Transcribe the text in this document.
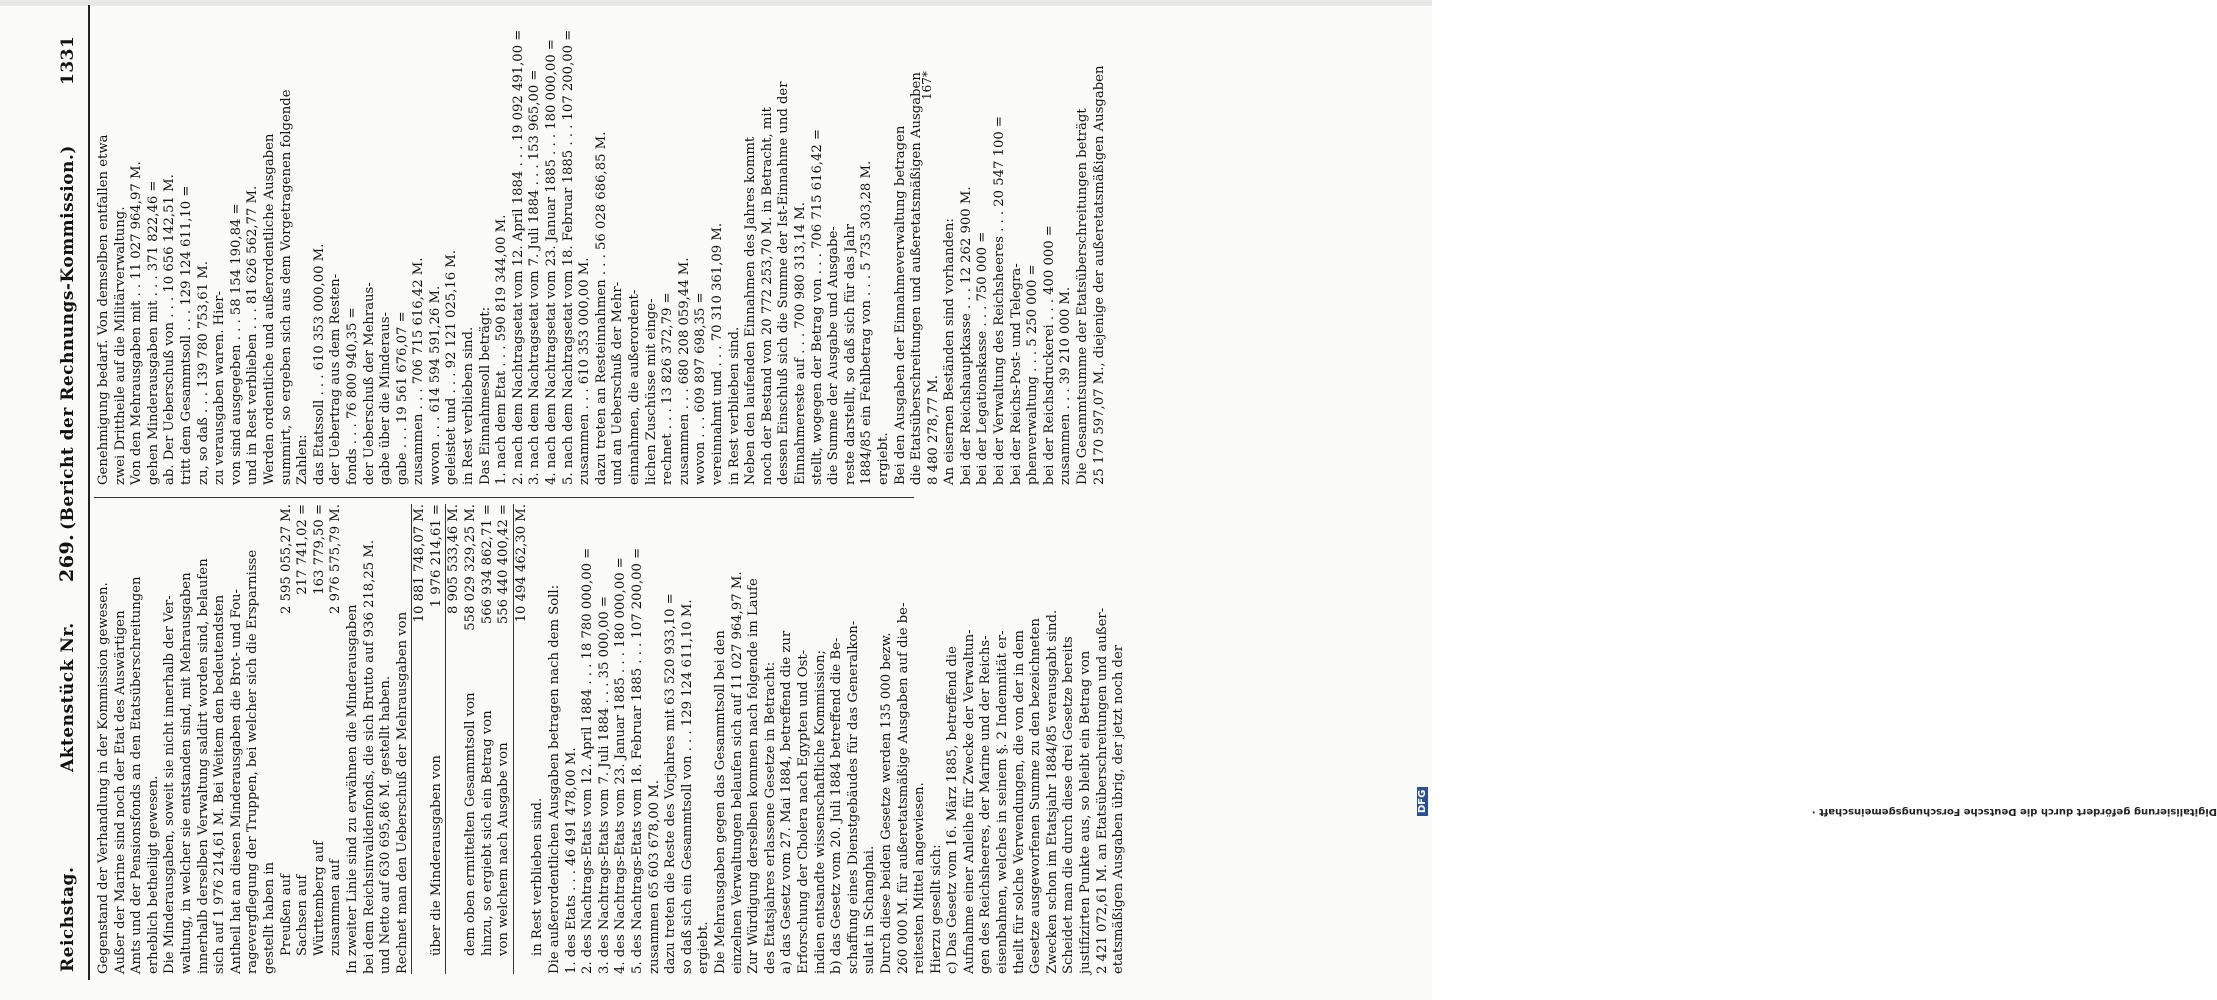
Reichstag.
Aktenstück Nr.
269.
(Bericht der Rechnungs-Kommission.)
1331
Gegenstand der Verhandlung in der Kommission gewesen. Außer der Marine sind noch der Etat des Auswärtigen Amts und der Pensionsfonds an den Etatsüberschreitungen erheblich betheiligt gewesen. Die Minderausgaben, soweit sie nicht innerhalb der Ver- waltung, in welcher sie entstanden sind, mit Mehrausgaben innerhalb derselben Verwaltung saldirt worden sind, belaufen sich auf 1 976 214,61 M. Bei Weitem den bedeutendsten Antheil hat an diesen Minderausgaben die Brot- und Fou- ragevergflegung der Truppen, bei welcher sich die Ersparnisse gestellt haben in Preußen auf
2 595 055,27 M.
Sachsen auf
217 741,02 =
Württemberg auf
163 779,50 =
zusammen auf
2 976 575,79 M.
In zweiter Linie sind zu erwähnen die Minderausgaben bei dem Reichsinvalidenfonds, die sich Brutto auf 936 218,25 M. und Netto auf 630 695,86 M. gestellt haben. Rechnet man den Ueberschuß der Mehrausgaben von
10 881 748,07 M.
über die Minderausgaben von
1 976 214,61 = 8 905 533,46 M.
dem oben ermittelten Gesammtsoll von
558 029 329,25 M.
hinzu, so ergiebt sich ein Betrag von
566 934 862,71 =
von welchem nach Ausgabe von
556 440 400,42 = 10 494 462,30 M.
in Rest verblieben sind. Die außerordentlichen Ausgaben betragen nach dem Soll: 1. des Etats . . . 46 491 478,00 M. 2. des Nachtrags-Etats vom 12. April 1884 . . . 18 780 000,00 = 3. des Nachtrags-Etats vom 7. Juli 1884 . . . 35 000,00 = 4. des Nachtrags-Etats vom 23. Januar 1885 . . . 180 000,00 = 5. des Nachtrags-Etats vom 18. Februar 1885 . . . 107 200,00 = zusammen 65 603 678,00 M. dazu treten die Reste des Vorjahres mit 63 520 933,10 = so daß sich ein Gesammtsoll von . . . 129 124 611,10 M. ergiebt. Die Mehrausgaben gegen das Gesammtsoll bei den einzelnen Verwaltungen belaufen sich auf 11 027 964,97 M. Zur Würdigung derselben kommen nach folgende im Laufe des Etatsjahres erlassene Gesetze in Betracht: a) das Gesetz vom 27. Mai 1884, betreffend die zur Erforschung der Cholera nach Egypten und Ost- indien entsandte wissenschaftliche Kommission; b) das Gesetz vom 20. Juli 1884 betreffend die Be- schaffung eines Dienstgebäudes für das Generalkon- sulat in Schanghai. Durch diese beiden Gesetze werden 135 000 bezw. 260 000 M. für außeretatsmäßige Ausgaben auf die be- reitesten Mittel angewiesen. Hierzu gesellt sich: c) Das Gesetz vom 16. März 1885, betreffend die Aufnahme einer Anleihe für Zwecke der Verwaltun- gen des Reichsheeres, der Marine und der Reichs- eisenbahnen, welches in seinem §. 2 Indemnität er- theilt für solche Verwendungen, die von der in dem Gesetze ausgeworfenen Summe zu den bezeichneten Zwecken schon im Etatsjahr 1884/85 verausgabt sind. Scheidet man die durch diese drei Gesetze bereits justifizirten Punkte aus, so bleibt ein Betrag von 2 421 072,61 M. an Etatsüberschreitungen und außer- etatsmäßigen Ausgaben übrig, der jetzt noch der
Genehmigung bedarf. Von demselben entfallen etwa zwei Drittheile auf die Militärverwaltung. Von den Mehrausgaben mit . . 11 027 964,97 M. gehen Minderausgaben mit . . . 371 822,46 = ab. Der Ueberschuß von . . . 10 656 142,51 M. tritt dem Gesammtsoll . . . 129 124 611,10 = zu, so daß . . . 139 780 753,61 M. zu verausgaben waren. Hier- von sind ausgegeben . . . 58 154 190,84 = und in Rest verblieben . . . 81 626 562,77 M. Werden ordentliche und außerordentliche Ausgaben summirt, so ergeben sich aus dem Vorgetragenen folgende Zahlen: das Etatssoll . . . 610 353 000,00 M. der Uebertrag aus dem Resten- fonds . . . 76 800 940,35 = der Ueberschuß der Mehraus- gabe über die Minderaus- gabe . . . 19 561 676,07 = zusammen . . . 706 715 616,42 M. wovon . . . 614 594 591,26 M. geleistet und . . . 92 121 025,16 M. in Rest verblieben sind. Das Einnahmesoll beträgt: 1. nach dem Etat . . . 590 819 344,00 M. 2. nach dem Nachtragsetat vom 12. April 1884 . . . 19 092 491,00 = 3. nach dem Nachtragsetat vom 7. Juli 1884 . . . 153 965,00 = 4. nach dem Nachtragsetat vom 23. Januar 1885 . . . 180 000,00 = 5. nach dem Nachtragsetat vom 18. Februar 1885 . . . 107 200,00 = zusammen . . . 610 353 000,00 M. dazu treten an Resteinnahmen . . . 56 028 686,85 M. und an Ueberschuß der Mehr- einnahmen, die außerordent- lichen Zuschüsse mit einge- rechnet . . . 13 826 372,79 = zusammen . . . 680 208 059,44 M. wovon . . . 609 897 698,35 = vereinnahmt und . . . 70 310 361,09 M. in Rest verblieben sind. Neben den laufenden Einnahmen des Jahres kommt noch der Bestand von 20 772 253,70 M. in Betracht, mit dessen Einschluß sich die Summe der Ist-Einnahme und der Einnahmereste auf . . . 700 980 313,14 M. stellt, wogegen der Betrag von . . . 706 715 616,42 = die Summe der Ausgabe und Ausgabe- reste darstellt, so daß sich für das Jahr 1884/85 ein Fehlbetrag von . . . 5 735 303,28 M. ergiebt. Bei den Ausgaben der Einnahmeverwaltung betragen die Etatsüberschreitungen und außeretatsmäßigen Ausgaben 8 480 278,77 M. An eisernen Beständen sind vorhanden: bei der Reichshauptkasse . . . 12 262 900 M. bei der Legationskasse . . . 750 000 = bei der Verwaltung des Reichsheeres . . . 20 547 100 = bei der Reichs-Post- und Telegra- phenverwaltung . . . 5 250 000 = bei der Reichsdruckerei . . . 400 000 = zusammen . . . 39 210 000 M. Die Gesammtsumme der Etatsüberschreitungen beträgt 25 170 597,07 M., diejenige der außeretatsmäßigen Ausgaben
167*
Digitalisierung gefördert durch die Deutsche Forschungsgemeinschaft ·
DFG
